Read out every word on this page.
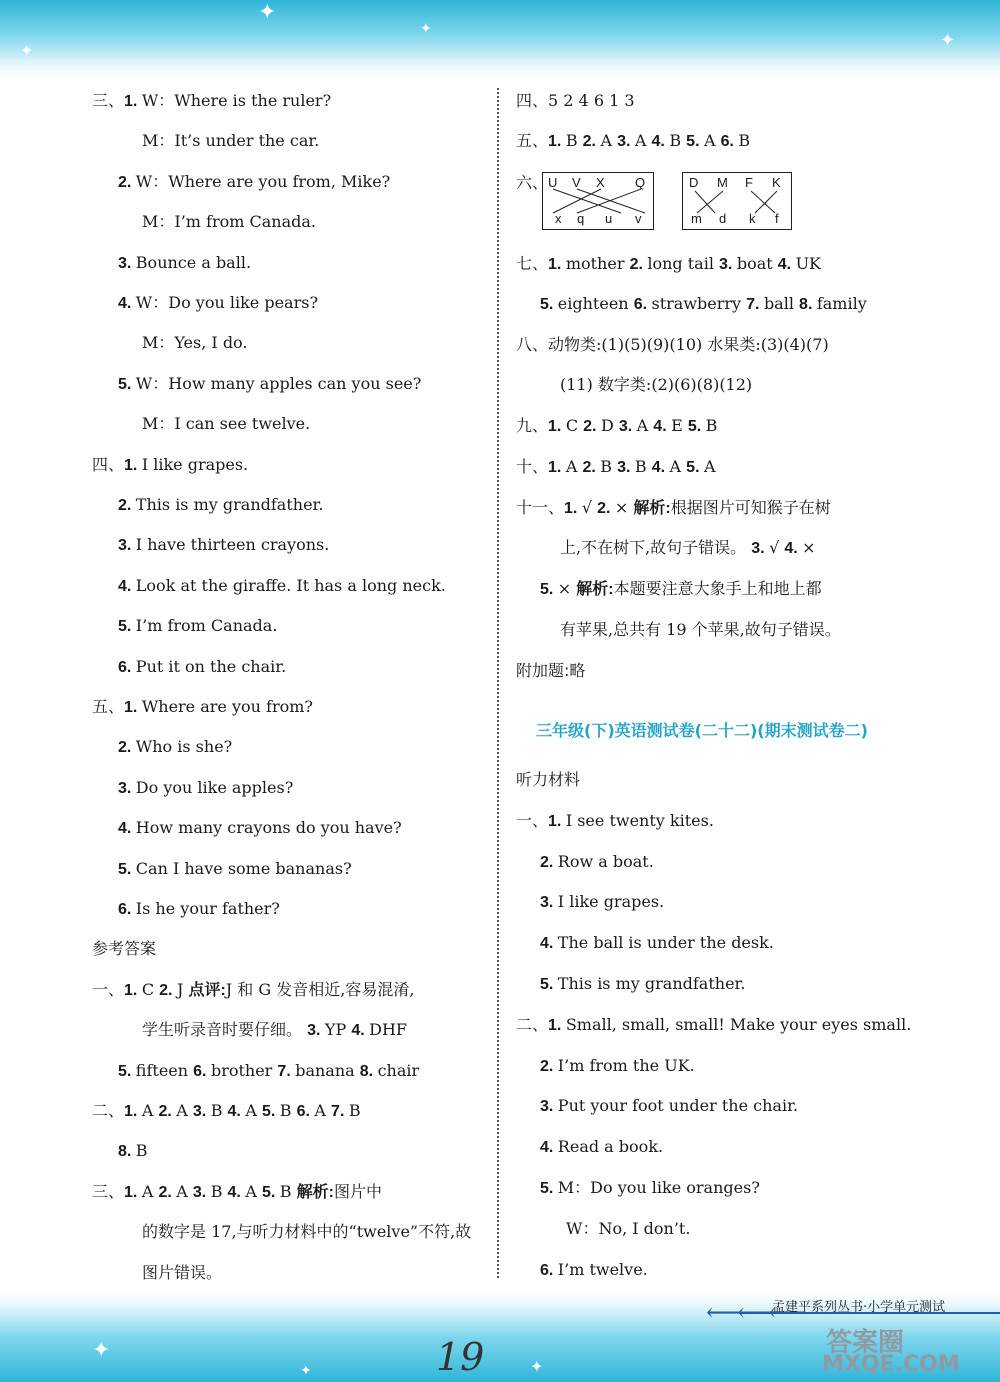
✦
✦
✦
✦
三、1. W：Where is the ruler?
M：It’s under the car.
2. W：Where are you from, Mike?
M：I’m from Canada.
3. Bounce a ball.
4. W：Do you like pears?
M：Yes, I do.
5. W：How many apples can you see?
M：I can see twelve.
四、1. I like grapes.
2. This is my grandfather.
3. I have thirteen crayons.
4. Look at the giraffe. It has a long neck.
5. I’m from Canada.
6. Put it on the chair.
五、1. Where are you from?
2. Who is she?
3. Do you like apples?
4. How many crayons do you have?
5. Can I have some bananas?
6. Is he your father?
参考答案
一、1. C 2. J 点评:J 和 G 发音相近,容易混淆,
学生听录音时要仔细。 3. YP 4. DHF
5. fifteen 6. brother 7. banana 8. chair
二、1. A 2. A 3. B 4. A 5. B 6. A 7. B
8. B
三、1. A 2. A 3. B 4. A 5. B 解析:图片中
的数字是 17,与听力材料中的“twelve”不符,故
图片错误。
四、5 2 4 6 1 3
五、1. B 2. A 3. A 4. B 5. A 6. B
六、
七、1. mother 2. long tail 3. boat 4. UK
5. eighteen 6. strawberry 7. ball 8. family
八、动物类:(1)(5)(9)(10) 水果类:(3)(4)(7)
(11) 数字类:(2)(6)(8)(12)
九、1. C 2. D 3. A 4. E 5. B
十、1. A 2. B 3. B 4. A 5. A
十一、1. √ 2. × 解析:根据图片可知猴子在树
上,不在树下,故句子错误。 3. √ 4. ×
5. × 解析:本题要注意大象手上和地上都
有苹果,总共有 19 个苹果,故句子错误。
附加题:略
听力材料
一、1. I see twenty kites.
2. Row a boat.
3. I like grapes.
4. The ball is under the desk.
5. This is my grandfather.
二、1. Small, small, small! Make your eyes small.
2. I’m from the UK.
3. Put your foot under the chair.
4. Read a book.
5. M：Do you like oranges?
W：No, I don’t.
6. I’m twelve.
U V X Q
x q u v
D M F K
m d k f
三年级(下)英语测试卷(二十二)(期末测试卷二)
✦
✦
✦
⟵⟵⟵
孟建平系列丛书·小学单元测试
19	答案圈
MXQE.COM
